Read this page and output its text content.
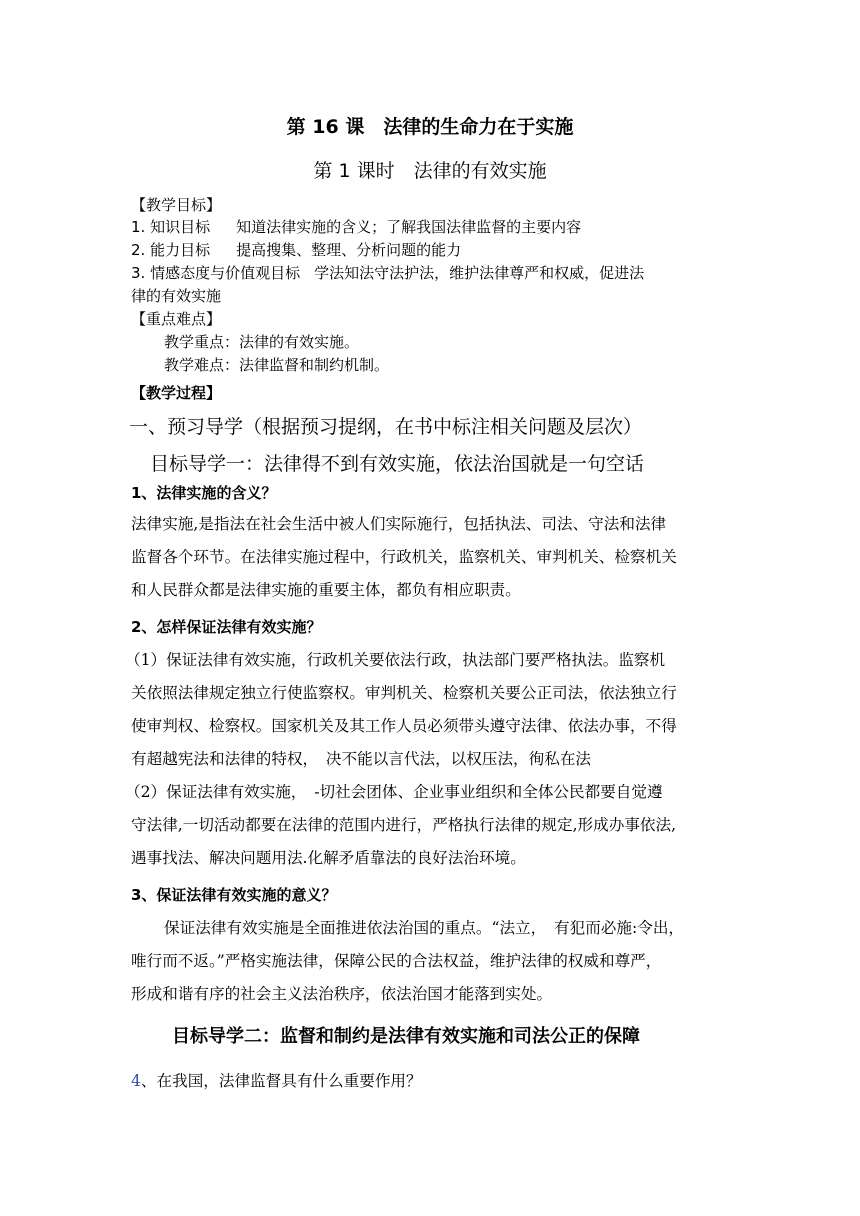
第 16 课　法律的生命力在于实施
第 1 课时　法律的有效实施
【教学目标】
1. 知识目标 知道法律实施的含义；了解我国法律监督的主要内容
2. 能力目标 提高搜集、整理、分析问题的能力
3. 情感态度与价值观目标 学法知法守法护法，维护法律尊严和权威，促进法
律的有效实施
【重点难点】
教学重点：法律的有效实施。
教学难点：法律监督和制约机制。
【教学过程】
一、预习导学（根据预习提纲，在书中标注相关问题及层次）
目标导学一：法律得不到有效实施，依法治国就是一句空话
1、法律实施的含义？
法律实施,是指法在社会生活中被人们实际施行，包括执法、司法、守法和法律
监督各个环节。在法律实施过程中，行政机关，监察机关、审判机关、检察机关
和人民群众都是法律实施的重要主体，都负有相应职责。
2、怎样保证法律有效实施？
（1）保证法律有效实施，行政机关要依法行政，执法部门要严格执法。监察机
关依照法律规定独立行使监察权。审判机关、检察机关要公正司法，依法独立行
使审判权、检察权。国家机关及其工作人员必须带头遵守法律、依法办事，不得
有超越宪法和法律的特权，　决不能以言代法，以权压法，徇私在法
（2）保证法律有效实施，　-切社会团体、企业事业组织和全体公民都要自觉遵
守法律,一切活动都要在法律的范围内进行，严格执行法律的规定,形成办事依法,
遇事找法、解决问题用法.化解矛盾靠法的良好法治环境。
3、保证法律有效实施的意义？
保证法律有效实施是全面推进依法治国的重点。“法立，　有犯而必施:令出，
唯行而不返。”严格实施法律，保障公民的合法权益，维护法律的权威和尊严，
形成和谐有序的社会主义法治秩序，依法治国才能落到实处。
目标导学二：监督和制约是法律有效实施和司法公正的保障
4、在我国，法律监督具有什么重要作用？
